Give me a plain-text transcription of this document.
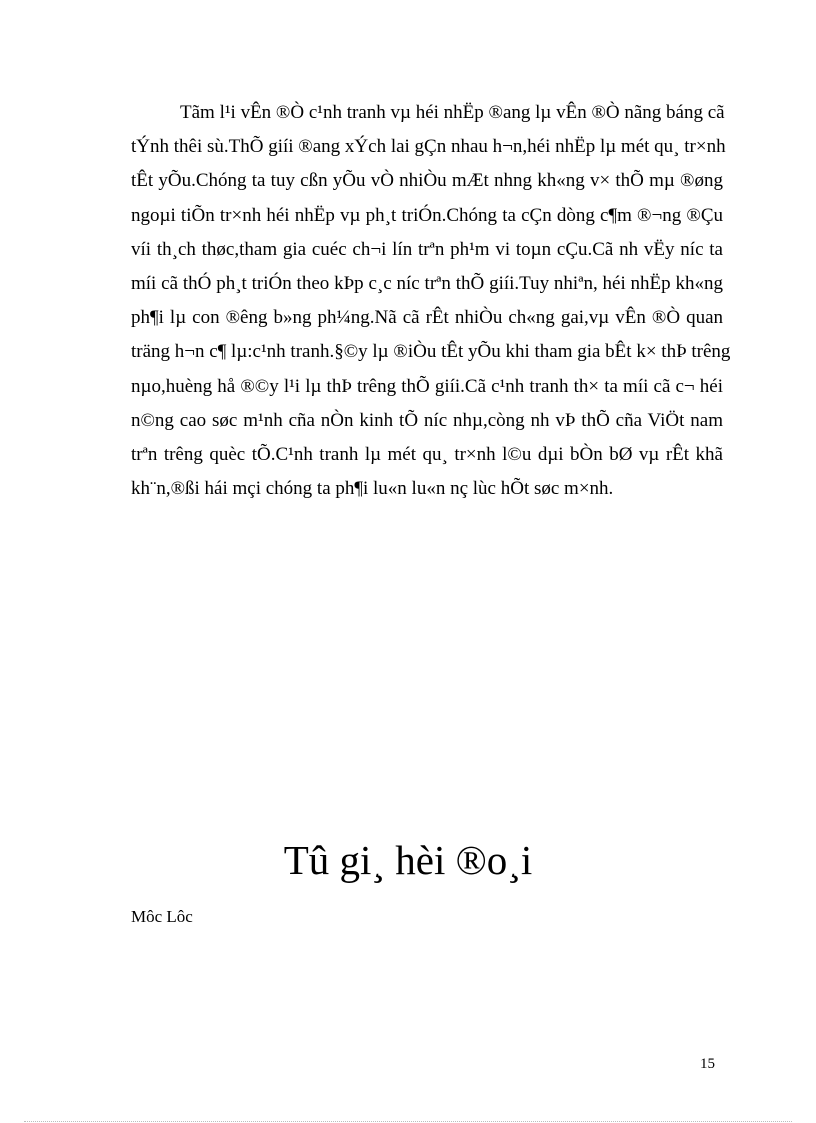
Tãm l¹i vÊn ®Ò c¹nh tranh vµ héi nhËp ®ang lµ vÊn ®Ò nãng báng cã
tÝnh thêi sù.ThÕ giíi ®ang xÝch lai gÇn nhau h¬n,héi nhËp lµ mét qu¸ tr×nh
tÊt yÕu.Chóng ta tuy cßn yÕu vÒ nhiÒu mÆt nhng kh«ng v× thÕ mµ ®øng
ngoµi tiÕn tr×nh héi nhËp vµ ph¸t triÓn.Chóng ta cÇn dòng c¶m ®¬ng ®Çu
víi th¸ch thøc,tham gia cuéc ch¬i lín trªn ph¹m vi toµn cÇu.Cã nh vËy níc ta
míi cã thÓ ph¸t triÓn theo kÞp c¸c níc trªn thÕ giíi.Tuy nhiªn, héi nhËp kh«ng
ph¶i lµ con ®êng b»ng ph¼ng.Nã cã rÊt nhiÒu ch«ng gai,vµ vÊn ®Ò quan
träng h¬n c¶ lµ:c¹nh tranh.§©y lµ ®iÒu tÊt yÕu khi tham gia bÊt k× thÞ trêng
nµo,huèng hå ®©y l¹i lµ thÞ trêng thÕ giíi.Cã c¹nh tranh th× ta míi cã c¬ héi
n©ng cao søc m¹nh cña nÒn kinh tÕ níc nhµ,còng nh vÞ thÕ cña ViÖt nam
trªn trêng quèc tÕ.C¹nh tranh lµ mét qu¸ tr×nh l©u dµi bÒn bØ vµ rÊt khã
kh¨n,®ßi hái mçi chóng ta ph¶i lu«n lu«n nç lùc hÕt søc m×nh.
Tû gi¸ hèi ®o¸i
Môc Lôc
15
